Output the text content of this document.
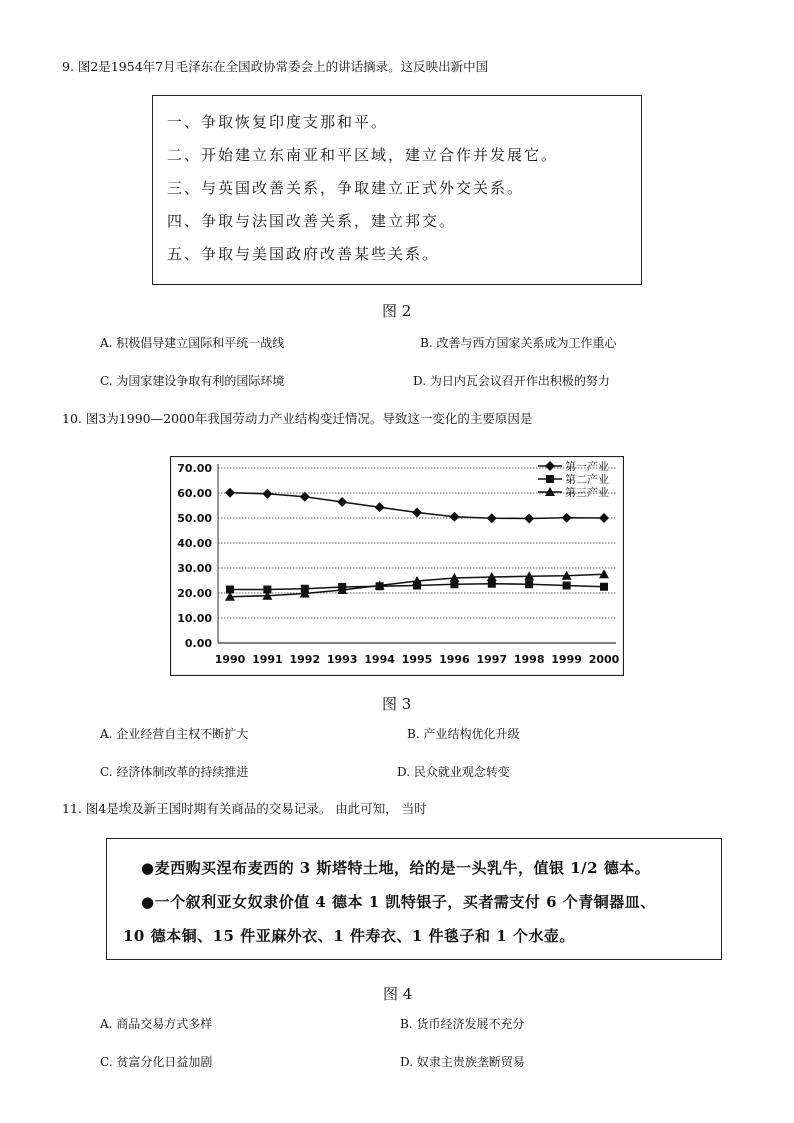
9. 图2是1954年7月毛泽东在全国政协常委会上的讲话摘录。这反映出新中国
一、争取恢复印度支那和平。
二、开始建立东南亚和平区域，建立合作并发展它。
三、与英国改善关系，争取建立正式外交关系。
四、争取与法国改善关系，建立邦交。
五、争取与美国政府改善某些关系。
图 2
A. 积极倡导建立国际和平统一战线	B. 改善与西方国家关系成为工作重心
C. 为国家建设争取有利的国际环境	D. 为日内瓦会议召开作出积极的努力
10. 图3为1990—2000年我国劳动力产业结构变迁情况。导致这一变化的主要原因是
0.00
10.00
20.00
30.00
40.00
50.00
60.00
70.00
1990 1991 1992 1993 1994 1995 1996 1997 1998 1999 2000
第一产业
第二产业
第三产业
图 3
A. 企业经营自主权不断扩大	B. 产业结构优化升级
C. 经济体制改革的持续推进	D. 民众就业观念转变
11. 图4是埃及新王国时期有关商品的交易记录。 由此可知， 当时
●麦西购买涅布麦西的 3 斯塔特土地，给的是一头乳牛，值银 1/2 德本。
●一个叙利亚女奴隶价值 4 德本 1 凯特银子，买者需支付 6 个青铜器皿、
10 德本铜、15 件亚麻外衣、1 件寿衣、1 件毯子和 1 个水壶。
图 4
A. 商品交易方式多样	B. 货币经济发展不充分
C. 贫富分化日益加剧	D. 奴隶主贵族垄断贸易
